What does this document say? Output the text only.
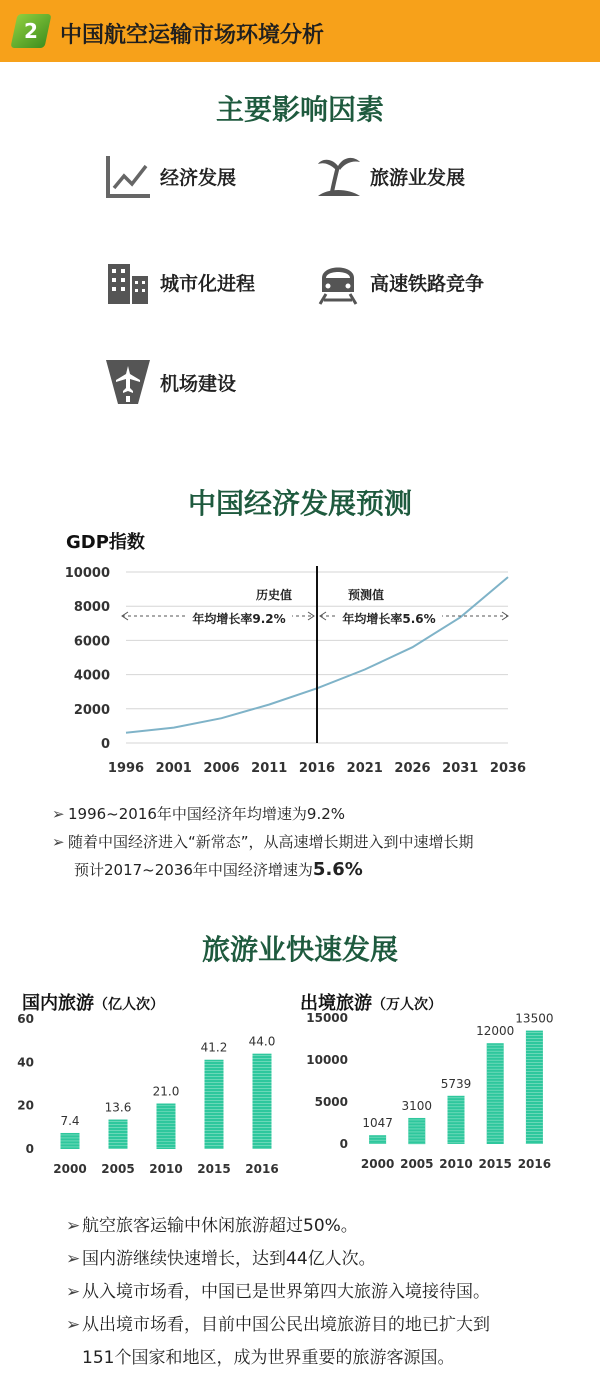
2	中国航空运输市场环境分析
主要影响因素
经济发展	旅游业发展
城市化进程	高速铁路竞争
机场建设
中国经济发展预测
GDP指数
0
2000
4000
6000
8000
10000
1996 2001 2006 2011 2016 2021 2026 2031 2036
历史值	预测值
年均增长率9.2%	年均增长率5.6%
➢ 1996~2016年中国经济年均增速为9.2%
➢ 随着中国经济进入“新常态”，从高速增长期进入到中速增长期
预计2017~2036年中国经济增速为5.6%
旅游业快速发展
国内旅游（亿人次）	出境旅游（万人次）
0
20
40
60
7.4
2000
13.6
2005
21.0
2010
41.2
2015
44.0
2016
0
5000
10000
15000
1047
2000
3100
2005
5739
2010
12000
2015
13500
2016
➢ 航空旅客运输中休闲旅游超过50%。
➢ 国内游继续快速增长，达到44亿人次。
➢ 从入境市场看，中国已是世界第四大旅游入境接待国。
➢ 从出境市场看，目前中国公民出境旅游目的地已扩大到
151个国家和地区，成为世界重要的旅游客源国。
